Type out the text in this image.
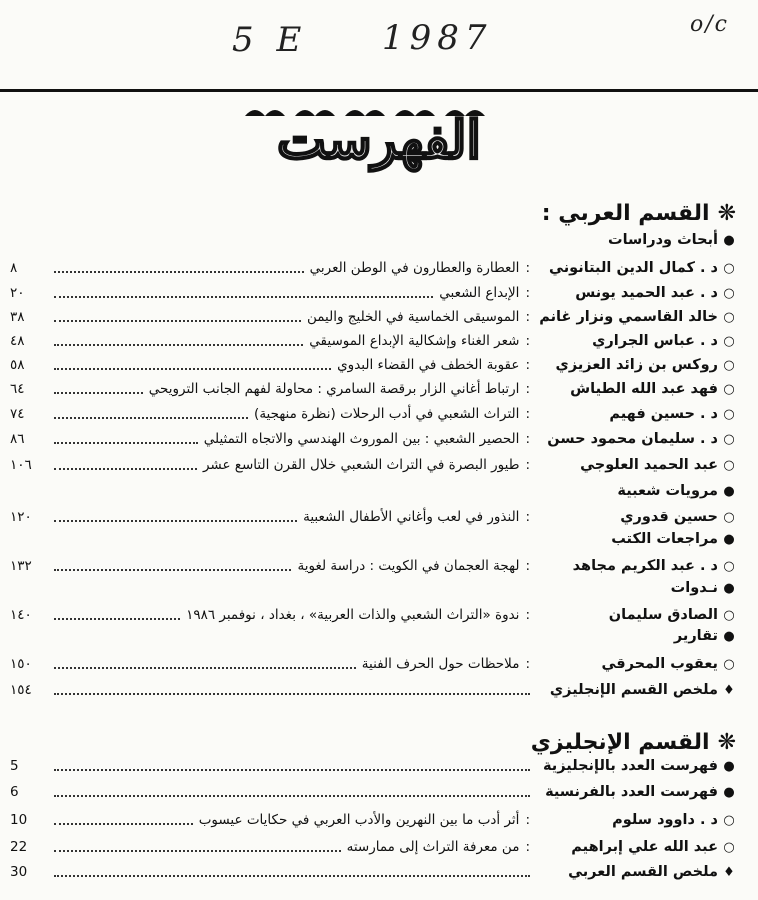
5 E 1987	o/c
الفهرست
❋القسم العربي :
●
أبحاث ودراسات
○
د . كمال الدين البتانوني
:
العطارة والعطارون في الوطن العربي
٨
○
د . عبد الحميد يونس
:
الإبداع الشعبي
٢٠
○
خالد القاسمي ونزار غانم
:
الموسيقى الخماسية في الخليج واليمن
٣٨
○
د . عباس الجراري
:
شعر الغناء وإشكالية الإبداع الموسيقي
٤٨
○
روكس بن زائد العزيزي
:
عقوبة الخطف في القضاء البدوي
٥٨
○
فهد عبد الله الطياش
:
ارتباط أغاني الزار برقصة السامري : محاولة لفهم الجانب الترويحي
٦٤
○
د . حسين فهيم
:
التراث الشعبي في أدب الرحلات (نظرة منهجية)
٧٤
○
د . سليمان محمود حسن
:
الحصير الشعبي : بين الموروث الهندسي والاتجاه التمثيلي
٨٦
○
عبد الحميد العلوجي
:
طيور البصرة في التراث الشعبي خلال القرن التاسع عشر
١٠٦
●
مرويات شعبية
○
حسين قدوري
:
النذور في لعب وأغاني الأطفال الشعبية
١٢٠
●
مراجعات الكتب
○
د . عبد الكريم مجاهد
:
لهجة العجمان في الكويت : دراسة لغوية
١٣٢
●
نـدوات
○
الصادق سليمان
:
ندوة «التراث الشعبي والذات العربية» ، بغداد ، نوفمبر ١٩٨٦
١٤٠
●
تقارير
○
يعقوب المحرقي
:
ملاحظات حول الحرف الفنية
١٥٠
♦
ملخص القسم الإنجليزي
١٥٤
❋القسم الإنجليزي
●
فهرست العدد بالإنجليزية
5
●
فهرست العدد بالفرنسية
6
○
د . داوود سلوم
:
أثر أدب ما بين النهرين والأدب العربي في حكايات عيسوب
10
○
عبد الله علي إبراهيم
:
من معرفة التراث إلى ممارسته
22
♦
ملخص القسم العربي
30
